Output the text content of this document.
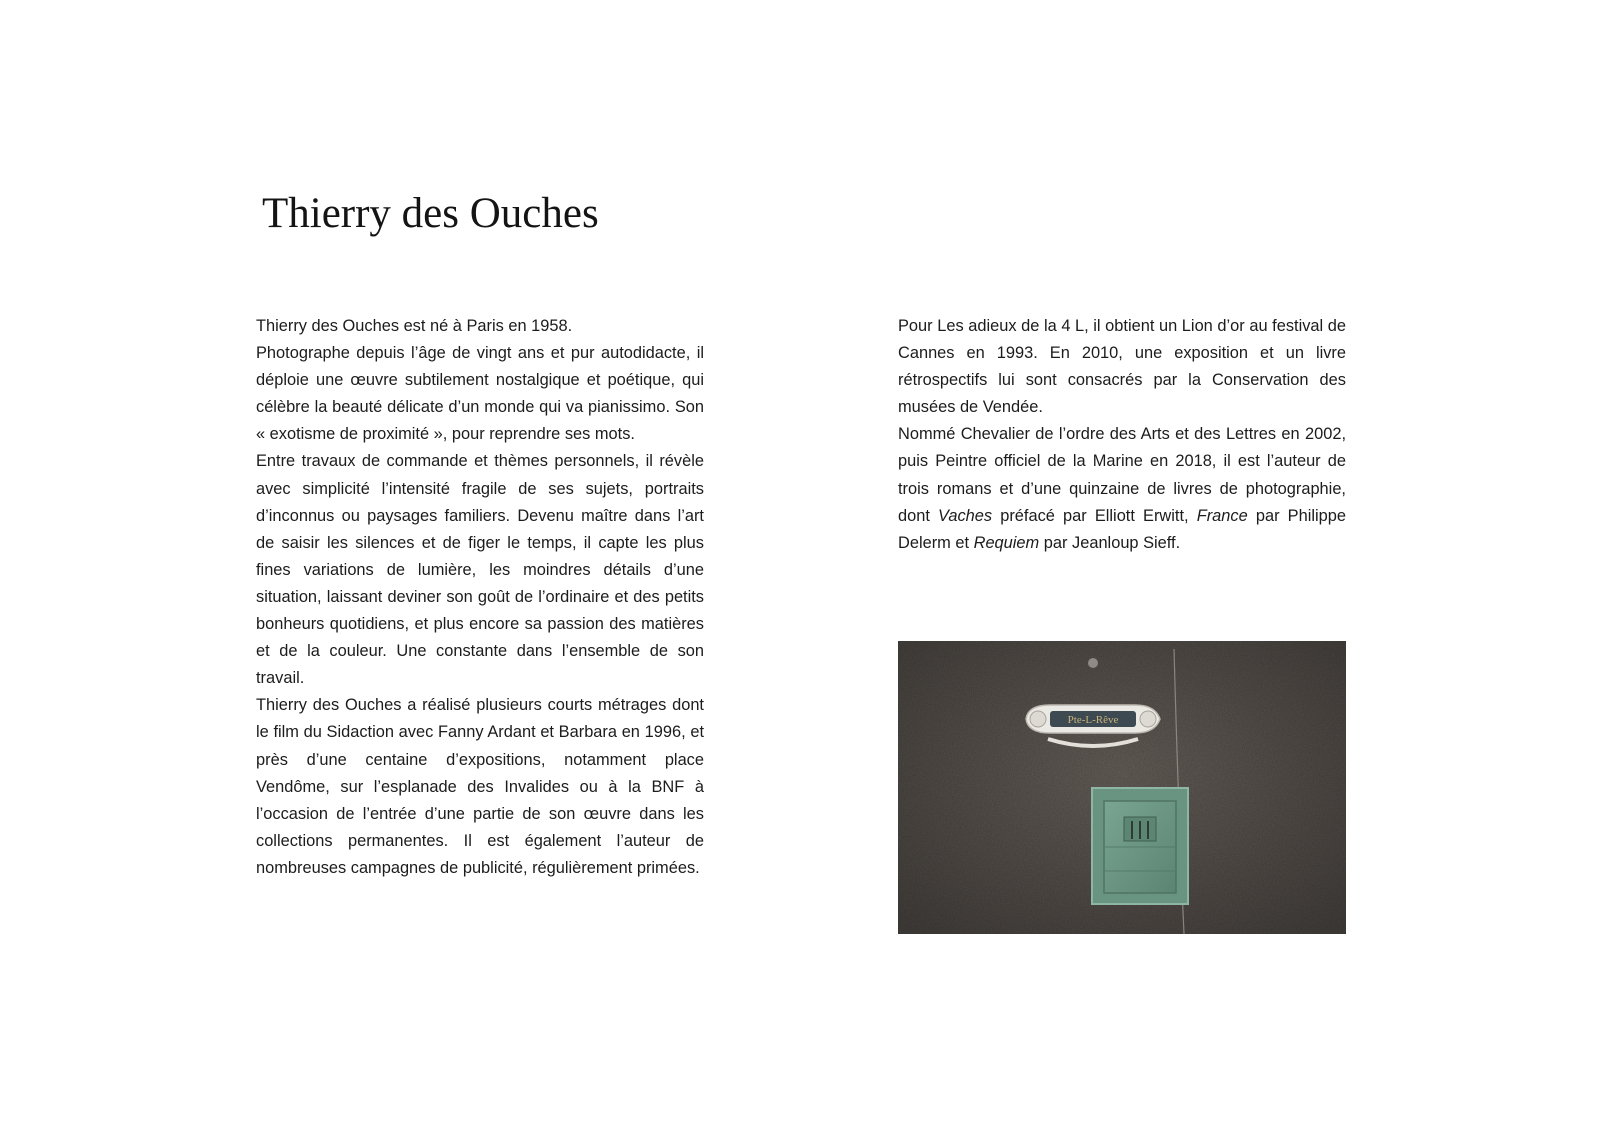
Thierry des Ouches

Thierry des Ouches est né à Paris en 1958.

Photographe depuis l’âge de vingt ans et pur autodidacte, il déploie une œuvre subtilement nostalgique et poétique, qui célèbre la beauté délicate d’un monde qui va pianissimo. Son « exotisme de proximité », pour reprendre ses mots.

Entre travaux de commande et thèmes personnels, il révèle avec simplicité l’intensité fragile de ses sujets, portraits d’inconnus ou paysages familiers. Devenu maître dans l’art de saisir les silences et de figer le temps, il capte les plus fines variations de lumière, les moindres détails d’une situation, laissant deviner son goût de l’ordinaire et des petits bonheurs quotidiens, et plus encore sa passion des matières et de la couleur. Une constante dans l’ensemble de son travail.

Thierry des Ouches a réalisé plusieurs courts métrages dont le film du Sidaction avec Fanny Ardant et Barbara en 1996, et près d’une centaine d’expositions, notamment place Vendôme, sur l’esplanade des Invalides ou à la BNF à l’occasion de l’entrée d’une partie de son œuvre dans les collections permanentes. Il est également l’auteur de nombreuses campagnes de publicité, régulièrement primées.

Pour Les adieux de la 4 L, il obtient un Lion d’or au festival de Cannes en 1993. En 2010, une exposition et un livre rétrospectifs lui sont consacrés par la Conservation des musées de Vendée.

Nommé Chevalier de l’ordre des Arts et des Lettres en 2002, puis Peintre officiel de la Marine en 2018, il est l’auteur de trois romans et d’une quinzaine de livres de photographie, dont Vaches préfacé par Elliott Erwitt, France par Philippe Delerm et Requiem par Jeanloup Sieff.

Pte-L-Rêve
